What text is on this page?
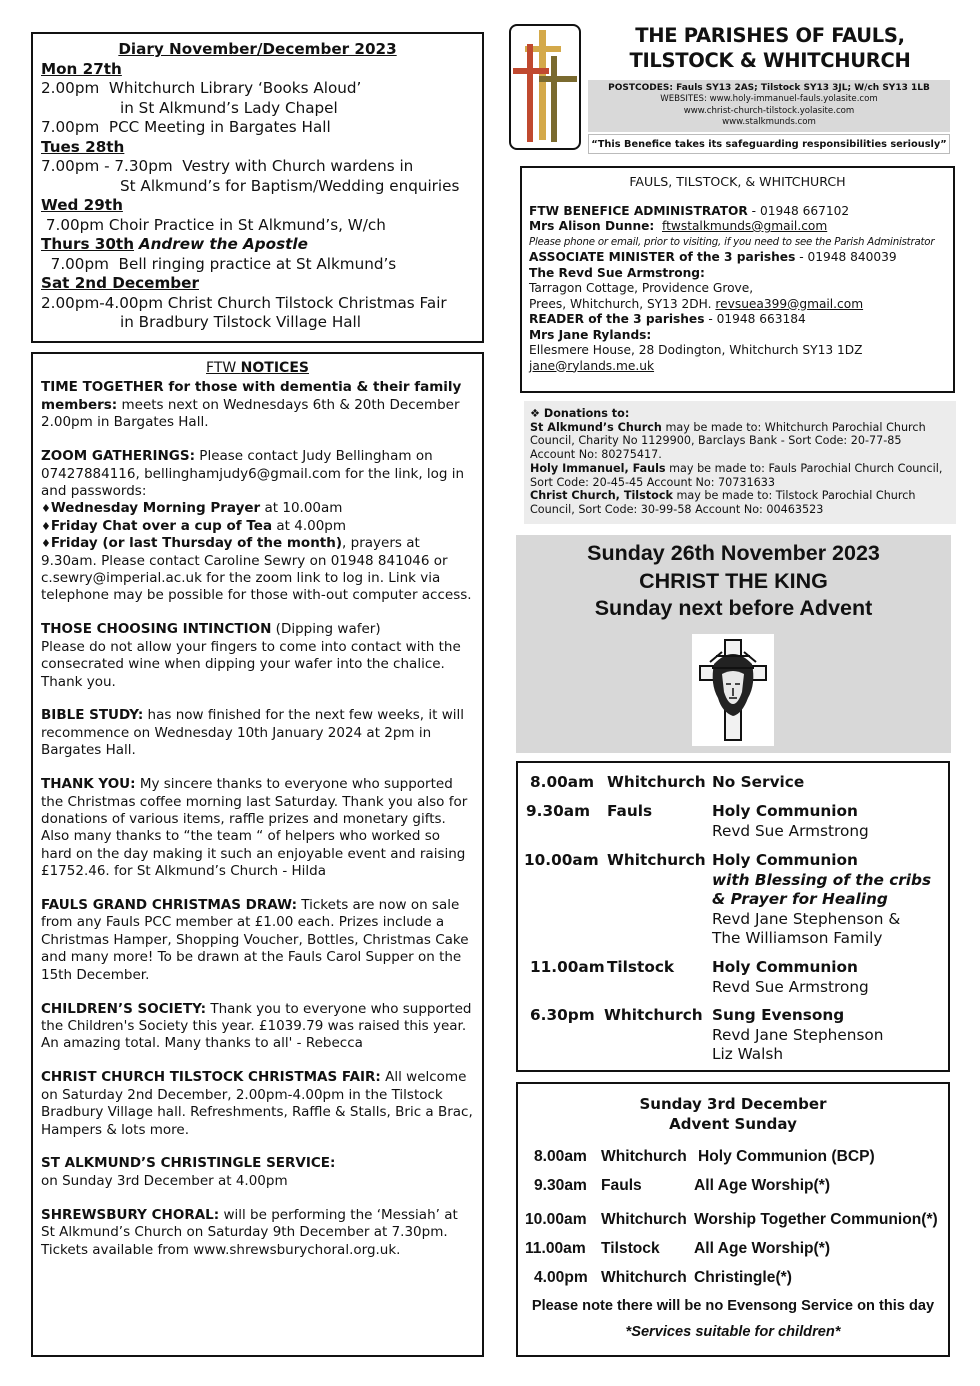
Diary November/December 2023
Mon 27th
2.00pm  Whitchurch Library ‘Books Aloud’
in St Alkmund’s Lady Chapel
7.00pm  PCC Meeting in Bargates Hall
Tues 28th
7.00pm - 7.30pm  Vestry with Church wardens in
St Alkmund’s for Baptism/Wedding enquiries
Wed 29th
7.00pm Choir Practice in St Alkmund’s, W/ch
Thurs 30th Andrew the Apostle
7.00pm  Bell ringing practice at St Alkmund’s
Sat 2nd December
2.00pm-4.00pm Christ Church Tilstock Christmas Fair
in Bradbury Tilstock Village Hall
FTW NOTICES

TIME TOGETHER for those with dementia & their family members: meets next on Wednesdays 6th & 20th December 2.00pm in Bargates Hall.

ZOOM GATHERINGS: Please contact Judy Bellingham on 07427884116, bellinghamjudy6@gmail.com for the link, log in and passwords:

♦Wednesday Morning Prayer at 10.00am

♦Friday Chat over a cup of Tea at 4.00pm

♦Friday (or last Thursday of the month), prayers at 9.30am. Please contact Caroline Sewry on 01948 841046 or c.sewry@imperial.ac.uk for the zoom link to log in. Link via telephone may be possible for those with-out computer access.

THOSE CHOOSING INTINCTION (Dipping wafer)
Please do not allow your fingers to come into contact with the consecrated wine when dipping your wafer into the chalice. Thank you.

BIBLE STUDY: has now finished for the next few weeks, it will recommence on Wednesday 10th January 2024 at 2pm in Bargates Hall.

THANK YOU: My sincere thanks to everyone who supported the Christmas coffee morning last Saturday. Thank you also for donations of various items, raffle prizes and monetary gifts. Also many thanks to “the team “ of helpers who worked so hard on the day making it such an enjoyable event and raising £1752.46. for St Alkmund’s Church - Hilda

FAULS GRAND CHRISTMAS DRAW: Tickets are now on sale from any Fauls PCC member at £1.00 each. Prizes include a Christmas Hamper, Shopping Voucher, Bottles, Christmas Cake and many more! To be drawn at the Fauls Carol Supper on the 15th December.

CHILDREN’S SOCIETY: Thank you to everyone who supported the Children's Society this year. £1039.79 was raised this year. An amazing total. Many thanks to all' - Rebecca

CHRIST CHURCH TILSTOCK CHRISTMAS FAIR: All welcome on Saturday 2nd December, 2.00pm-4.00pm in the Tilstock Bradbury Village hall. Refreshments, Raffle & Stalls, Bric a Brac, Hampers & lots more.

ST ALKMUND’S CHRISTINGLE SERVICE:
on Sunday 3rd December at 4.00pm

SHREWSBURY CHORAL: will be performing the ‘Messiah’ at St Alkmund’s Church on Saturday 9th December at 7.30pm. Tickets available from www.shrewsburychoral.org.uk.

THE PARISHES OF FAULS,
TILSTOCK & WHITCHURCH
POSTCODES: Fauls SY13 2AS; Tilstock SY13 3JL; W/ch SY13 1LB
WEBSITES: www.holy-immanuel-fauls.yolasite.com
www.christ-church-tilstock.yolasite.com
www.stalkmunds.com
“This Benefice takes its safeguarding responsibilities seriously”
FAULS, TILSTOCK, & WHITCHURCH
FTW BENEFICE ADMINISTRATOR - 01948 667102
Mrs Alison Dunne: ftwstalkmunds@gmail.com
Please phone or email, prior to visiting, if you need to see the Parish Administrator
ASSOCIATE MINISTER of the 3 parishes - 01948 840039
The Revd Sue Armstrong:
Tarragon Cottage, Providence Grove,
Prees, Whitchurch, SY13 2DH. revsuea399@gmail.com
READER of the 3 parishes - 01948 663184
Mrs Jane Rylands:
Ellesmere House, 28 Dodington, Whitchurch SY13 1DZ
jane@rylands.me.uk
❖ Donations to:
St Alkmund’s Church may be made to: Whitchurch Parochial Church Council, Charity No 1129900, Barclays Bank - Sort Code: 20-77-85 Account No: 80275417.
Holy Immanuel, Fauls may be made to: Fauls Parochial Church Council, Sort Code: 20-45-45 Account No: 70731633
Christ Church, Tilstock may be made to: Tilstock Parochial Church Council, Sort Code: 30-99-58 Account No: 00463523
Sunday 26th November 2023
CHRIST THE KING
Sunday next before Advent
8.00am Whitchurch No Service
9.30am Fauls	Holy Communion
Revd Sue Armstrong
10.00am Whitchurch Holy Communion
with Blessing of the cribs
& Prayer for Healing
Revd Jane Stephenson &
The Williamson Family
11.00am Tilstock Holy Communion
Revd Sue Armstrong
6.30pm Whitchurch Sung Evensong
Revd Jane Stephenson
Liz Walsh
Sunday 3rd December
Advent Sunday
8.00am Whitchurch Holy Communion (BCP)
9.30am Fauls	All Age Worship(*)
10.00am Whitchurch Worship Together Communion(*)
11.00am Tilstock All Age Worship(*)
4.00pm Whitchurch Christingle(*)
Please note there will be no Evensong Service on this day
*Services suitable for children*
